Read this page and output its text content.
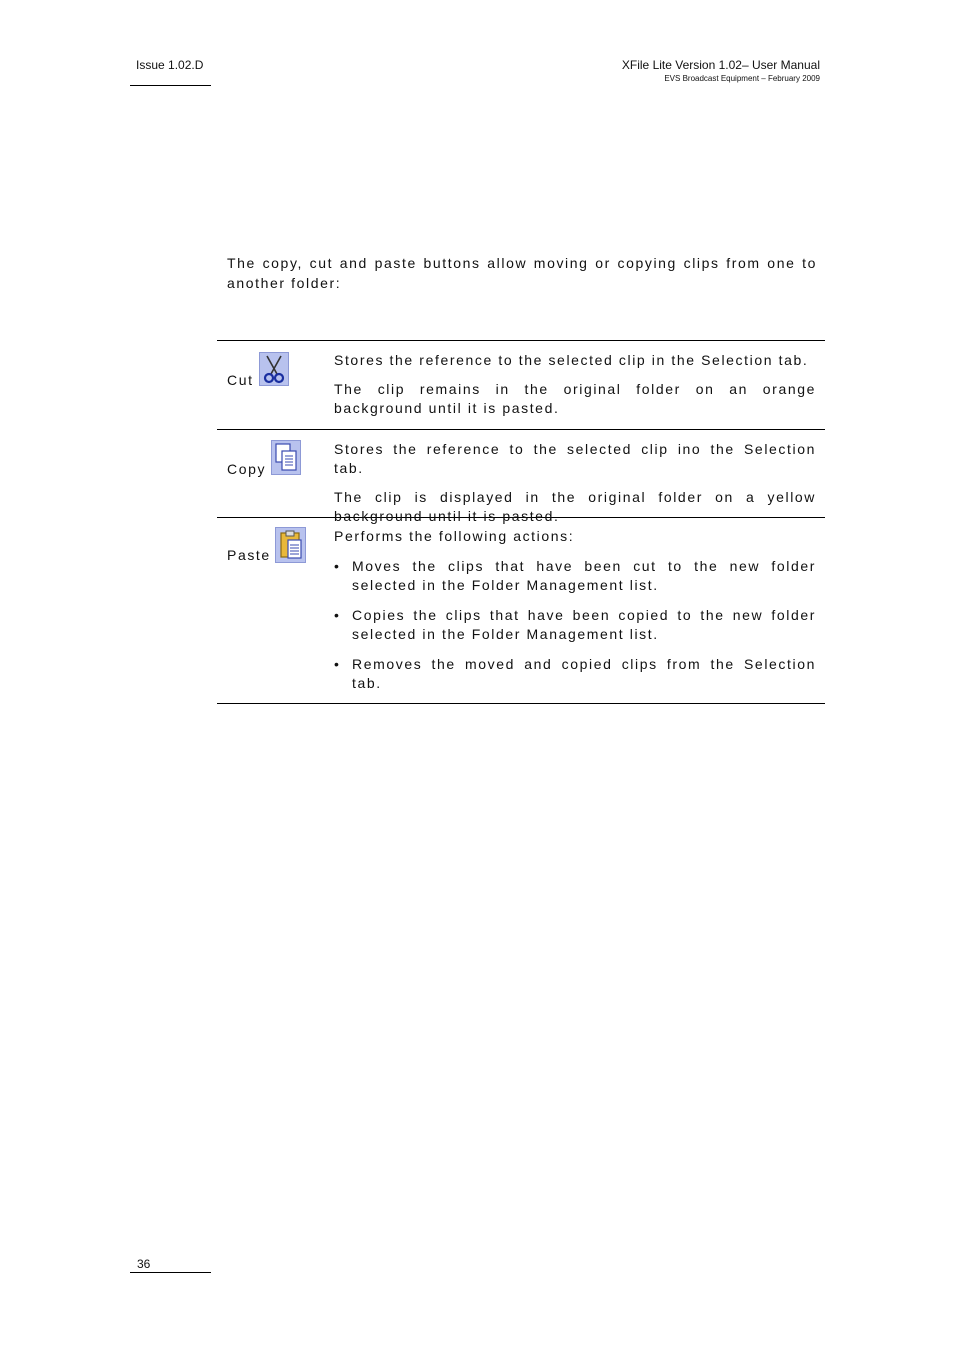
Issue 1.02.D	XFile Lite Version 1.02– User Manual
EVS Broadcast Equipment – February 2009
The copy, cut and paste buttons allow moving or copying clips from one to another folder:
Cut

Stores the reference to the selected clip in the Selection tab.

The clip remains in the original folder on an orange background until it is pasted.

Copy

Stores the reference to the selected clip ino the Selection tab.

The clip is displayed in the original folder on a yellow background until it is pasted.

Paste

Performs the following actions:

• Moves the clips that have been cut to the new folder selected in the Folder Management list.
• Copies the clips that have been copied to the new folder selected in the Folder Management list.
• Removes the moved and copied clips from the Selection tab.
36
